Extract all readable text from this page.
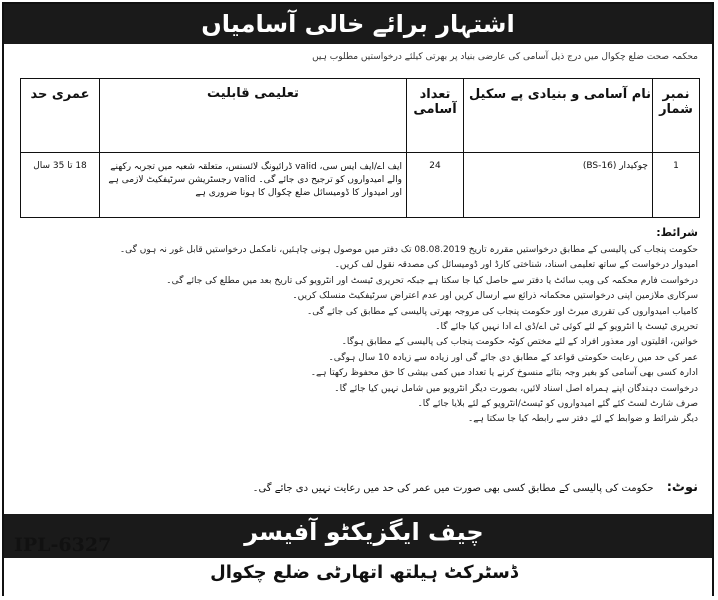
اشتہار برائے خالی آسامیاں
محکمہ صحت ضلع چکوال میں درج ذیل آسامی کی عارضی بنیاد پر بھرتی کیلئے درخواستیں مطلوب ہیں
نمبر شمار	نام آسامی و بنیادی پے سکیل	تعداد آسامی	تعلیمی قابلیت	عمری حد
1	چوکیدار (BS-16)	24	ایف اے/ایف ایس سی، valid ڈرائیونگ لائسنس، متعلقہ شعبہ میں تجربہ رکھنے والے امیدواروں کو ترجیح دی جائے گی۔ valid رجسٹریشن سرٹیفکیٹ لازمی ہے اور امیدوار کا ڈومیسائل ضلع چکوال کا ہونا ضروری ہے	18 تا 35 سال
شرائط:
حکومت پنجاب کی پالیسی کے مطابق درخواستیں مقررہ تاریخ 08.08.2019 تک دفتر میں موصول ہونی چاہئیں، نامکمل درخواستیں قابل غور نہ ہوں گی۔
امیدوار درخواست کے ساتھ تعلیمی اسناد، شناختی کارڈ اور ڈومیسائل کی مصدقہ نقول لف کریں۔
درخواست فارم محکمہ کی ویب سائٹ یا دفتر سے حاصل کیا جا سکتا ہے جبکہ تحریری ٹیسٹ اور انٹرویو کی تاریخ بعد میں مطلع کی جائے گی۔
سرکاری ملازمین اپنی درخواستیں محکمانہ ذرائع سے ارسال کریں اور عدم اعتراض سرٹیفکیٹ منسلک کریں۔
کامیاب امیدواروں کی تقرری میرٹ اور حکومت پنجاب کی مروجہ بھرتی پالیسی کے مطابق کی جائے گی۔
تحریری ٹیسٹ یا انٹرویو کے لئے کوئی ٹی اے/ڈی اے ادا نہیں کیا جائے گا۔
خواتین، اقلیتوں اور معذور افراد کے لئے مختص کوٹہ حکومت پنجاب کی پالیسی کے مطابق ہوگا۔
عمر کی حد میں رعایت حکومتی قواعد کے مطابق دی جائے گی اور زیادہ سے زیادہ 10 سال ہوگی۔
ادارہ کسی بھی آسامی کو بغیر وجہ بتائے منسوخ کرنے یا تعداد میں کمی بیشی کا حق محفوظ رکھتا ہے۔
درخواست دہندگان اپنے ہمراہ اصل اسناد لائیں، بصورت دیگر انٹرویو میں شامل نہیں کیا جائے گا۔
صرف شارٹ لسٹ کئے گئے امیدواروں کو ٹیسٹ/انٹرویو کے لئے بلایا جائے گا۔
دیگر شرائط و ضوابط کے لئے دفتر سے رابطہ کیا جا سکتا ہے۔
نوٹ: حکومت کی پالیسی کے مطابق کسی بھی صورت میں عمر کی حد میں رعایت نہیں دی جائے گی۔
چیف ایگزیکٹو آفیسر
ڈسٹرکٹ ہیلتھ اتھارٹی ضلع چکوال
IPL-6327
